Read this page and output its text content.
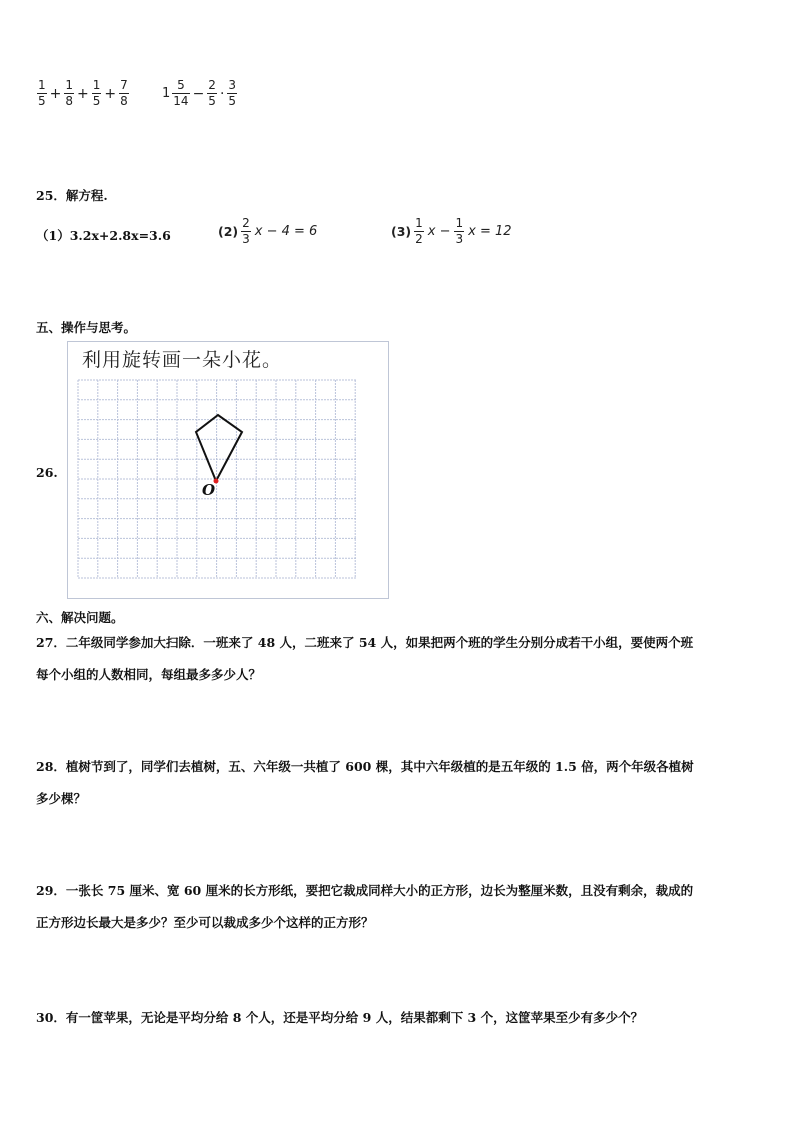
$\frac{1}{5} + \frac{1}{8} + \frac{1}{5} + \frac{7}{8}$	$1 \frac{5}{14} - \frac{2}{5} \cdot \frac{3}{5}$
25．解方程.
（1）3.2x+2.8x=3.6	$(2) \frac{2}{3}$ x − 4 = 6	$(3) \frac{1}{2}$ $x - \frac{1}{3}$ x = 12
五、操作与思考。
26.
利用旋转画一朵小花。
O
六、解决问题。
27．二年级同学参加大扫除．一班来了 48 人，二班来了 54 人，如果把两个班的学生分别分成若干小组，要使两个班
每个小组的人数相同，每组最多多少人？
28．植树节到了，同学们去植树，五、六年级一共植了 600 棵，其中六年级植的是五年级的 1.5 倍，两个年级各植树
多少棵？
29．一张长 75 厘米、宽 60 厘米的长方形纸，要把它裁成同样大小的正方形，边长为整厘米数，且没有剩余，裁成的
正方形边长最大是多少？至少可以裁成多少个这样的正方形？
30．有一筐苹果，无论是平均分给 8 个人，还是平均分给 9 人，结果都剩下 3 个，这筐苹果至少有多少个？
